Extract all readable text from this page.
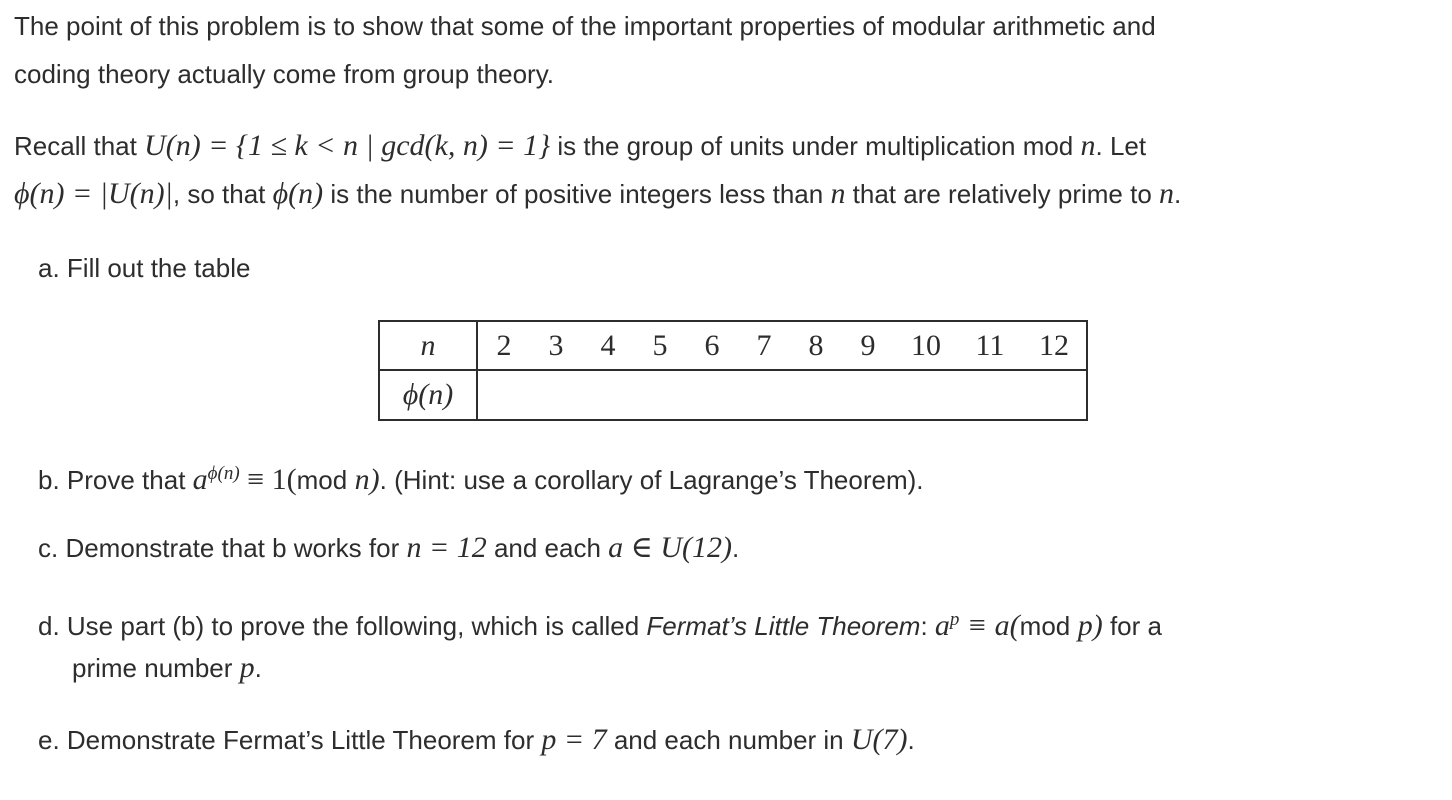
The point of this problem is to show that some of the important properties of modular arithmetic and
coding theory actually come from group theory.
Recall that U(n) = {1 ≤ k < n | gcd(k, n) = 1} is the group of units under multiplication mod n. Let
ϕ(n) = |U(n)|, so that ϕ(n) is the number of positive integers less than n that are relatively prime to n.
a. Fill out the table
n	2	3	4	5	6	7	8	9	10	11	12
ϕ(n)											
b. Prove that $a^{\phi(n)} \equiv 1(mod$ n). (Hint: use a corollary of Lagrange’s Theorem).
c. Demonstrate that b works for n = 12 and each a ∈ U(12).
d. Use part (b) to prove the following, which is called Fermat’s Little Theorem: $a^p \equiv a(mod$ p) for a
prime number p.
e. Demonstrate Fermat’s Little Theorem for p = 7 and each number in U(7).
